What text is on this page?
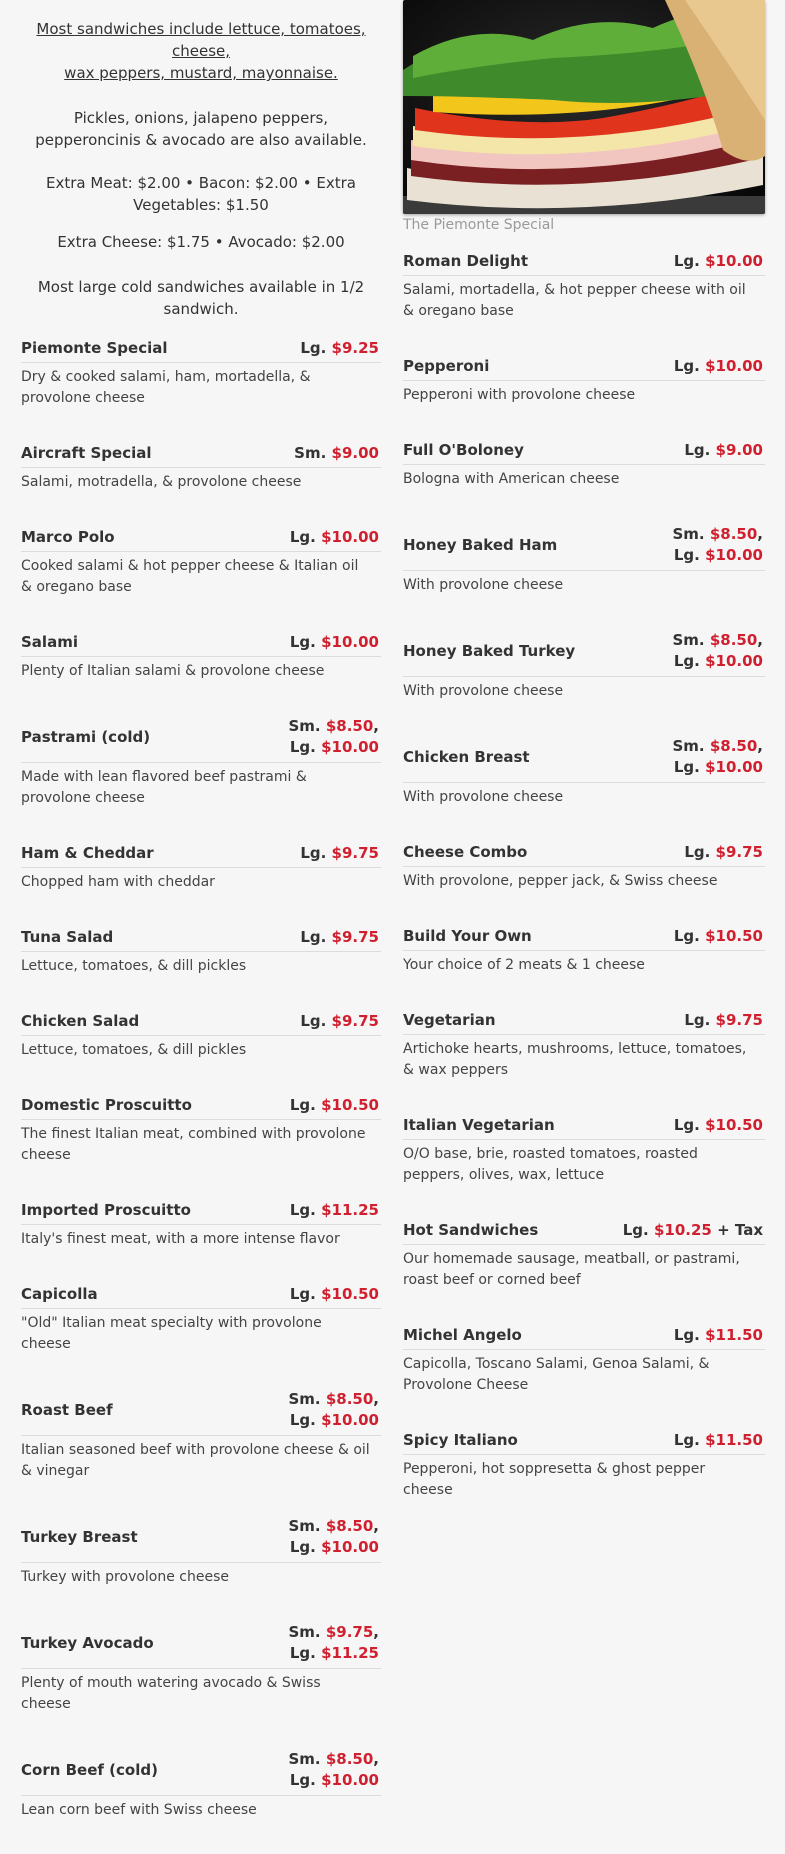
Most sandwiches include lettuce, tomatoes, cheese,

wax peppers, mustard, mayonnaise.

Pickles, onions, jalapeno peppers, pepperoncinis & avocado are also available.

Extra Meat: $2.00 • Bacon: $2.00 • Extra Vegetables: $1.50

Extra Cheese: $1.75 • Avocado: $2.00

Most large cold sandwiches available in 1/2 sandwich.

Piemonte Special	Lg. $9.25
Dry & cooked salami, ham, mortadella, & provolone cheese
Aircraft Special	Sm. $9.00
Salami, motradella, & provolone cheese
Marco Polo	Lg. $10.00
Cooked salami & hot pepper cheese & Italian oil & oregano base
Salami	Lg. $10.00
Plenty of Italian salami & provolone cheese
Pastrami (cold)
Sm. $8.50,
Lg. $10.00
Made with lean flavored beef pastrami & provolone cheese
Ham & Cheddar	Lg. $9.75
Chopped ham with cheddar
Tuna Salad	Lg. $9.75
Lettuce, tomatoes, & dill pickles
Chicken Salad	Lg. $9.75
Lettuce, tomatoes, & dill pickles
Domestic Proscuitto	Lg. $10.50
The finest Italian meat, combined with provolone cheese
Imported Proscuitto	Lg. $11.25
Italy's finest meat, with a more intense flavor
Capicolla	Lg. $10.50
"Old" Italian meat specialty with provolone cheese
Roast Beef
Sm. $8.50,
Lg. $10.00
Italian seasoned beef with provolone cheese & oil & vinegar
Turkey Breast
Sm. $8.50,
Lg. $10.00
Turkey with provolone cheese
Turkey Avocado
Sm. $9.75,
Lg. $11.25
Plenty of mouth watering avocado & Swiss cheese
Corn Beef (cold)
Sm. $8.50,
Lg. $10.00
Lean corn beef with Swiss cheese
The Piemonte Special
Roman Delight	Lg. $10.00
Salami, mortadella, & hot pepper cheese with oil & oregano base
Pepperoni	Lg. $10.00
Pepperoni with provolone cheese
Full O'Boloney	Lg. $9.00
Bologna with American cheese
Honey Baked Ham
Sm. $8.50,
Lg. $10.00
With provolone cheese
Honey Baked Turkey
Sm. $8.50,
Lg. $10.00
With provolone cheese
Chicken Breast
Sm. $8.50,
Lg. $10.00
With provolone cheese
Cheese Combo	Lg. $9.75
With provolone, pepper jack, & Swiss cheese
Build Your Own	Lg. $10.50
Your choice of 2 meats & 1 cheese
Vegetarian	Lg. $9.75
Artichoke hearts, mushrooms, lettuce, tomatoes, & wax peppers
Italian Vegetarian	Lg. $10.50
O/O base, brie, roasted tomatoes, roasted peppers, olives, wax, lettuce
Hot Sandwiches	Lg. $10.25 + Tax
Our homemade sausage, meatball, or pastrami, roast beef or corned beef
Michel Angelo	Lg. $11.50
Capicolla, Toscano Salami, Genoa Salami, & Provolone Cheese
Spicy Italiano	Lg. $11.50
Pepperoni, hot soppresetta & ghost pepper cheese
